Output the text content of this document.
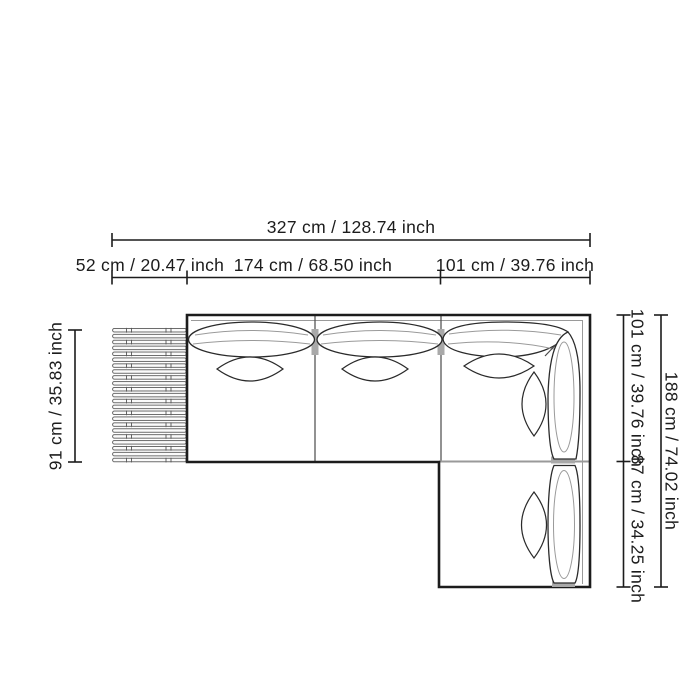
327 cm / 128.74 inch
52 cm / 20.47 inch 174 cm / 68.50 inch 101 cm / 39.76 inch
91 cm / 35.83 inch	101 cm / 39.76 inch
87 cm / 34.25 inch 188 cm / 74.02 inch
